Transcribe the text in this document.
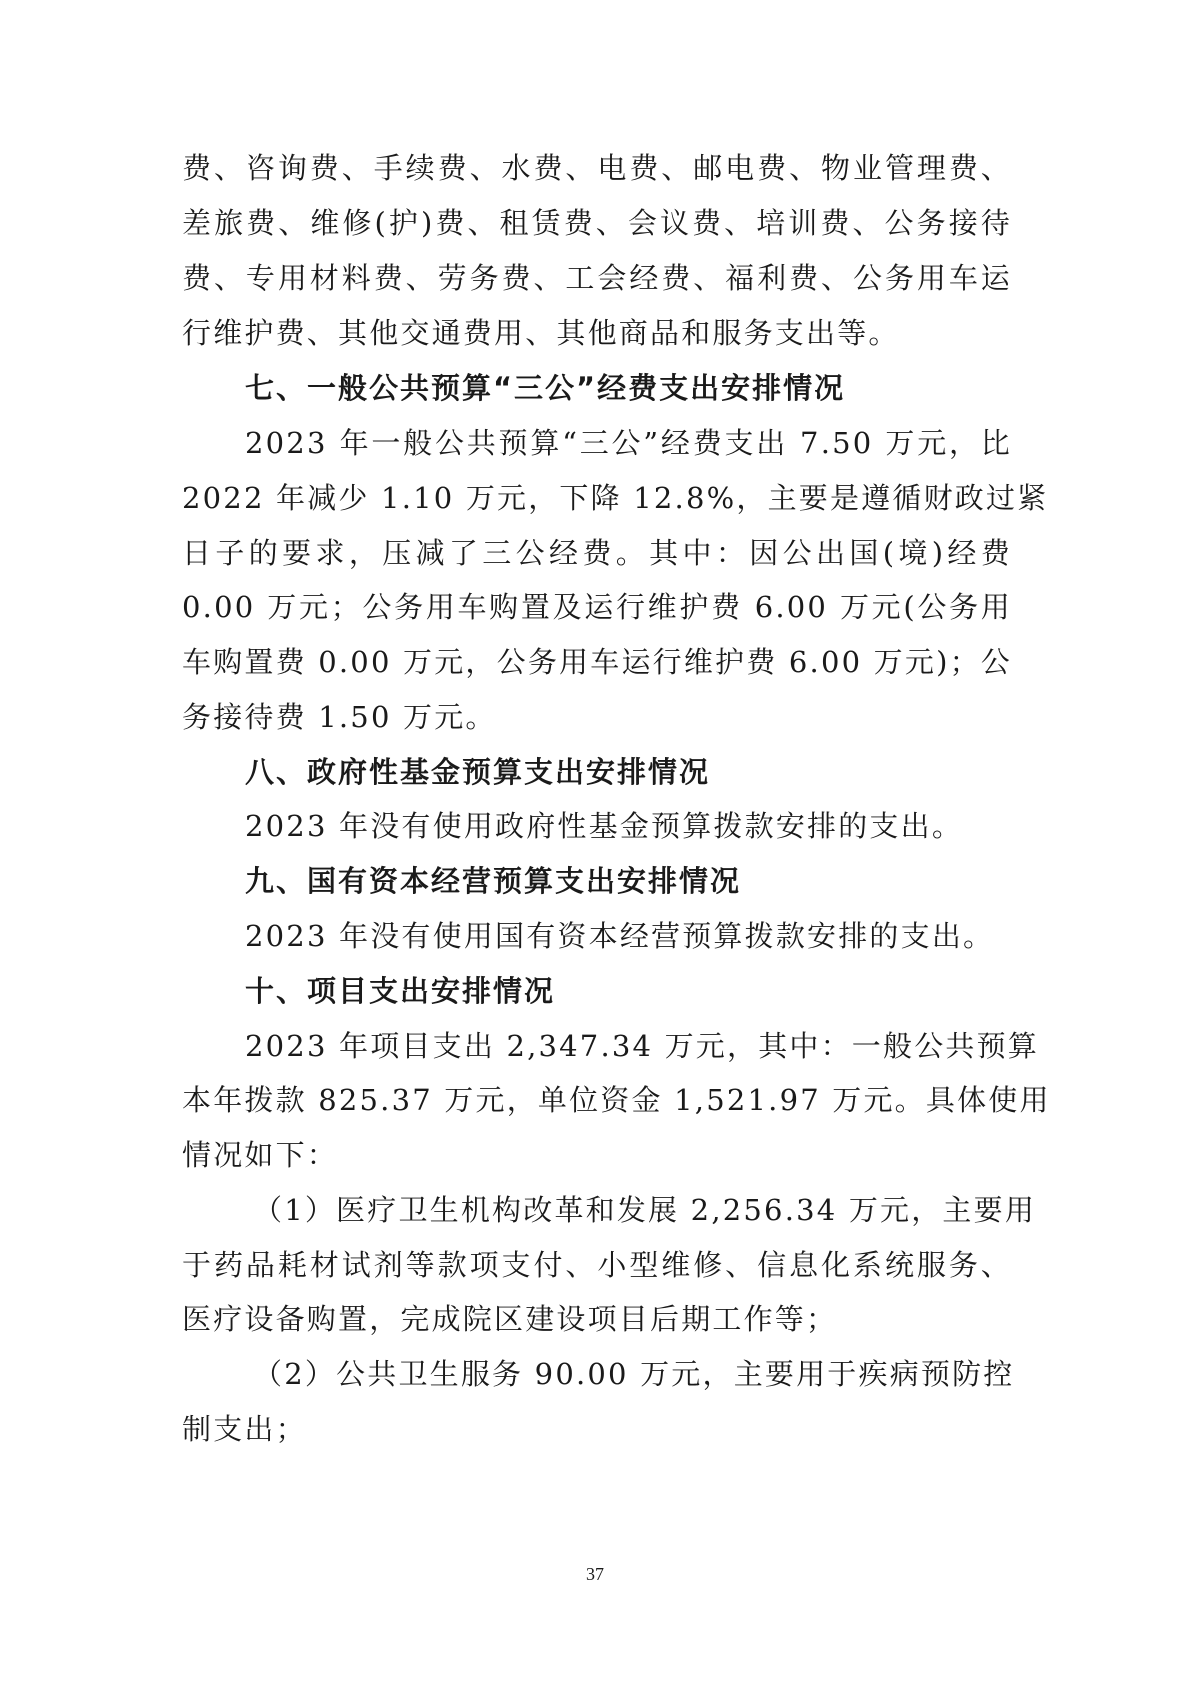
费、咨询费、手续费、水费、电费、邮电费、物业管理费、
差旅费、维修(护)费、租赁费、会议费、培训费、公务接待
费、专用材料费、劳务费、工会经费、福利费、公务用车运
行维护费、其他交通费用、其他商品和服务支出等。
七、一般公共预算“三公”经费支出安排情况
2023 年一般公共预算“三公”经费支出 7.50 万元，比
2022 年减少 1.10 万元，下降 12.8%，主要是遵循财政过紧
日子的要求，压减了三公经费。其中：因公出国(境)经费
0.00 万元；公务用车购置及运行维护费 6.00 万元(公务用
车购置费 0.00 万元，公务用车运行维护费 6.00 万元)；公
务接待费 1.50 万元。
八、政府性基金预算支出安排情况
2023 年没有使用政府性基金预算拨款安排的支出。
九、国有资本经营预算支出安排情况
2023 年没有使用国有资本经营预算拨款安排的支出。
十、项目支出安排情况
2023 年项目支出 2,347.34 万元，其中：一般公共预算
本年拨款 825.37 万元，单位资金 1,521.97 万元。具体使用
情况如下：
（1）医疗卫生机构改革和发展 2,256.34 万元，主要用
于药品耗材试剂等款项支付、小型维修、信息化系统服务、
医疗设备购置，完成院区建设项目后期工作等；
（2）公共卫生服务 90.00 万元，主要用于疾病预防控
制支出；
37
